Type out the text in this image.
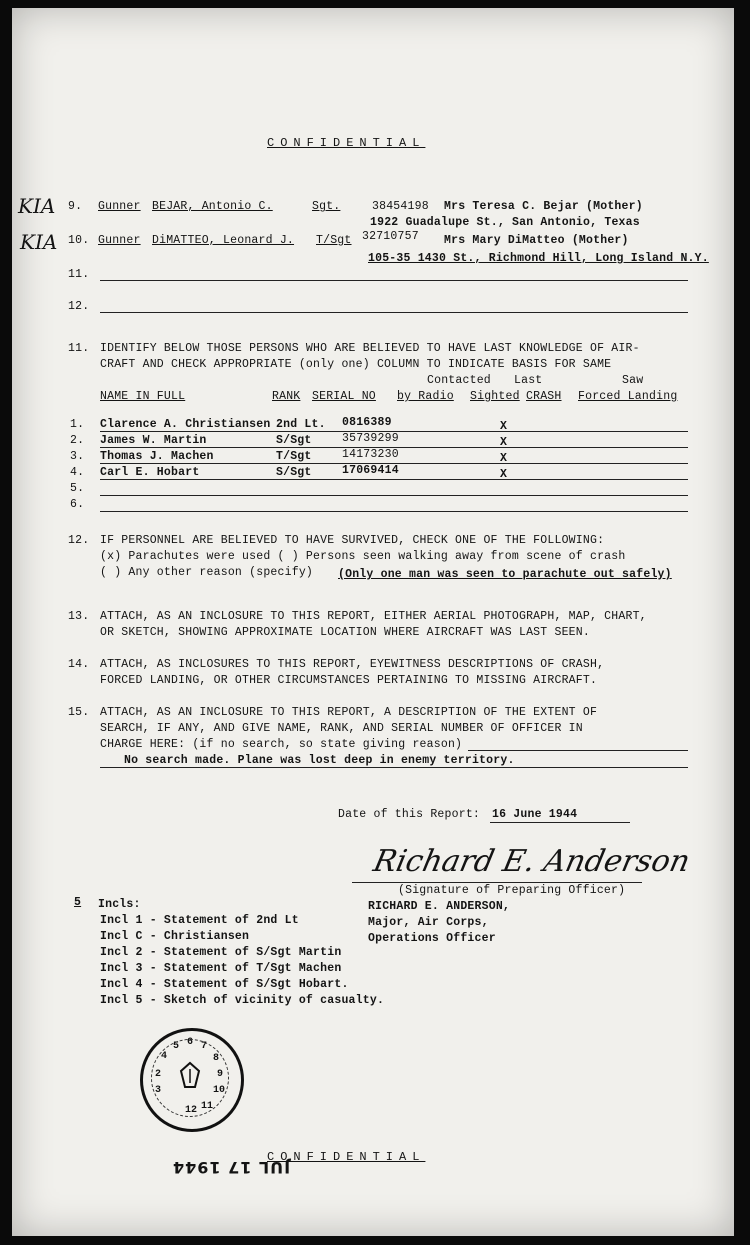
CONFIDENTIAL
KIA 9. Gunner BEJAR, Antonio C.	Sgt.	38454198 Mrs Teresa C. Bejar (Mother)
1922 Guadalupe St., San Antonio, Texas
KIA 10. Gunner DiMATTEO, Leonard J. T/Sgt 32710757 Mrs Mary DiMatteo (Mother)
105-35 1430 St., Richmond Hill, Long Island N.Y.
11.
12.
11. IDENTIFY BELOW THOSE PERSONS WHO ARE BELIEVED TO HAVE LAST KNOWLEDGE OF AIR-
CRAFT AND CHECK APPROPRIATE (only one) COLUMN TO INDICATE BASIS FOR SAME
Contacted Last	Saw
NAME IN FULL	RANK SERIAL NO by Radio Sighted CRASH Forced Landing
1. Clarence A. Christiansen 2nd Lt. 0816389	X
2. James W. Martin	S/Sgt	35739299	X
3. Thomas J. Machen	T/Sgt	14173230	X
4. Carl E. Hobart	S/Sgt	17069414	X
5.
6.
12. IF PERSONNEL ARE BELIEVED TO HAVE SURVIVED, CHECK ONE OF THE FOLLOWING:
(x) Parachutes were used ( ) Persons seen walking away from scene of crash
( ) Any other reason (specify) (Only one man was seen to parachute out safely)
13. ATTACH, AS AN INCLOSURE TO THIS REPORT, EITHER AERIAL PHOTOGRAPH, MAP, CHART,
OR SKETCH, SHOWING APPROXIMATE LOCATION WHERE AIRCRAFT WAS LAST SEEN.
14. ATTACH, AS INCLOSURES TO THIS REPORT, EYEWITNESS DESCRIPTIONS OF CRASH,
FORCED LANDING, OR OTHER CIRCUMSTANCES PERTAINING TO MISSING AIRCRAFT.
15. ATTACH, AS AN INCLOSURE TO THIS REPORT, A DESCRIPTION OF THE EXTENT OF
SEARCH, IF ANY, AND GIVE NAME, RANK, AND SERIAL NUMBER OF OFFICER IN
CHARGE HERE: (if no search, so state giving reason)
No search made. Plane was lost deep in enemy territory.
Date of this Report: 16 June 1944
Richard E. Anderson
(Signature of Preparing Officer)
RICHARD E. ANDERSON,
Major, Air Corps,
Operations Officer
5 Incls:
Incl 1 - Statement of 2nd Lt
Incl C - Christiansen
Incl 2 - Statement of S/Sgt Martin
Incl 3 - Statement of T/Sgt Machen
Incl 4 - Statement of S/Sgt Hobart.
Incl 5 - Sketch of vicinity of casualty.
4
5 6 7
8
9
10
11
12
2
3
JUL 17 1944
CONFIDENTIAL
